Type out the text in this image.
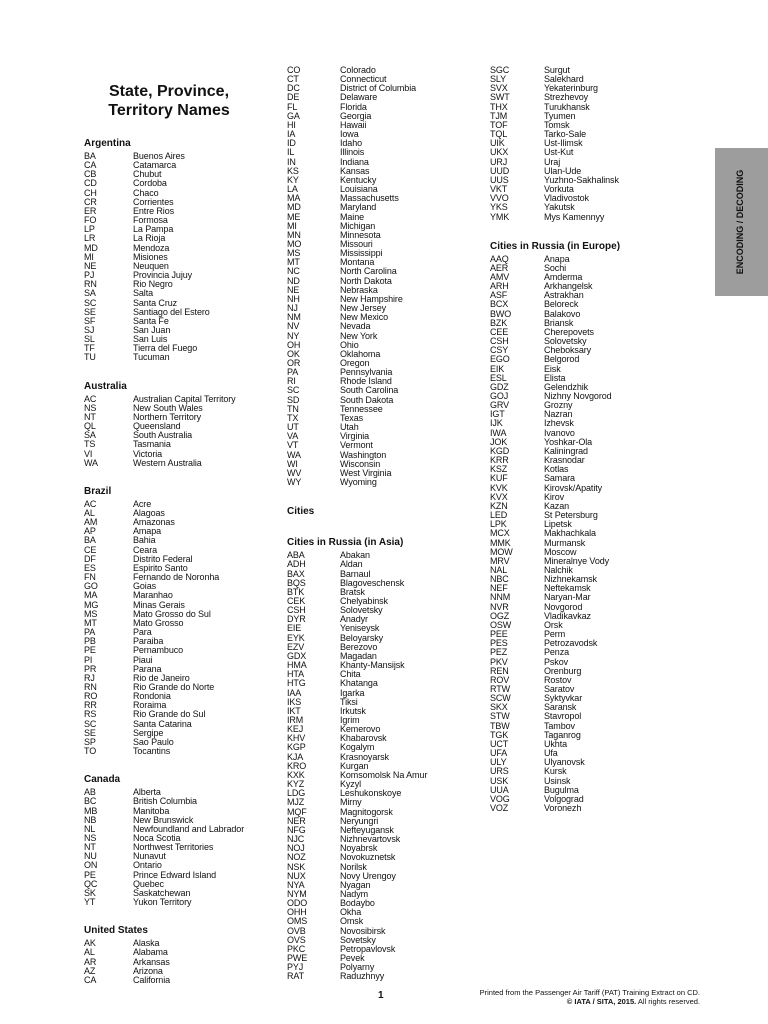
State, Province,
Territory Names
Argentina
BA	Buenos Aires
CA	Catamarca
CB	Chubut
CD	Cordoba
CH	Chaco
CR	Corrientes
ER	Entre Rios
FO	Formosa
LP	La Pampa
LR	La Rioja
MD	Mendoza
MI	Misiones
NE	Neuquen
PJ	Provincia Jujuy
RN	Rio Negro
SA	Salta
SC	Santa Cruz
SE	Santiago del Estero
SF	Santa Fe
SJ	San Juan
SL	San Luis
TF	Tierra del Fuego
TU	Tucuman
Australia
AC	Australian Capital Territory
NS	New South Wales
NT	Northern Territory
QL	Queensland
SA	South Australia
TS	Tasmania
VI	Victoria
WA	Western Australia
Brazil
AC	Acre
AL	Alagoas
AM	Amazonas
AP	Amapa
BA	Bahia
CE	Ceara
DF	Distrito Federal
ES	Espirito Santo
FN	Fernando de Noronha
GO	Goias
MA	Maranhao
MG	Minas Gerais
MS	Mato Grosso do Sul
MT	Mato Grosso
PA	Para
PB	Paraiba
PE	Pernambuco
PI	Piaui
PR	Parana
RJ	Rio de Janeiro
RN	Rio Grande do Norte
RO	Rondonia
RR	Roraima
RS	Rio Grande do Sul
SC	Santa Catarina
SE	Sergipe
SP	Sao Paulo
TO	Tocantins
Canada
AB	Alberta
BC	British Columbia
MB	Manitoba
NB	New Brunswick
NL	Newfoundland and Labrador
NS	Noca Scotia
NT	Northwest Territories
NU	Nunavut
ON	Ontario
PE	Prince Edward Island
QC	Quebec
SK	Saskatchewan
YT	Yukon Territory
United States
AK	Alaska
AL	Alabama
AR	Arkansas
AZ	Arizona
CA	California
CO	Colorado
CT	Connecticut
DC	District of Columbia
DE	Delaware
FL	Florida
GA	Georgia
HI	Hawaii
IA	Iowa
ID	Idaho
IL	Illinois
IN	Indiana
KS	Kansas
KY	Kentucky
LA	Louisiana
MA	Massachusetts
MD	Maryland
ME	Maine
MI	Michigan
MN	Minnesota
MO	Missouri
MS	Mississippi
MT	Montana
NC	North Carolina
ND	North Dakota
NE	Nebraska
NH	New Hampshire
NJ	New Jersey
NM	New Mexico
NV	Nevada
NY	New York
OH	Ohio
OK	Oklahoma
OR	Oregon
PA	Pennsylvania
RI	Rhode Island
SC	South Carolina
SD	South Dakota
TN	Tennessee
TX	Texas
UT	Utah
VA	Virginia
VT	Vermont
WA	Washington
WI	Wisconsin
WV	West Virginia
WY	Wyoming
Cities
Cities in Russia (in Asia)
ABA	Abakan
ADH	Aldan
BAX	Barnaul
BQS	Blagoveschensk
BTK	Bratsk
CEK	Chelyabinsk
CSH	Solovetsky
DYR	Anadyr
EIE	Yeniseysk
EYK	Beloyarsky
EZV	Berezovo
GDX	Magadan
HMA	Khanty-Mansijsk
HTA	Chita
HTG	Khatanga
IAA	Igarka
IKS	Tiksi
IKT	Irkutsk
IRM	Igrim
KEJ	Kemerovo
KHV	Khabarovsk
KGP	Kogalym
KJA	Krasnoyarsk
KRO	Kurgan
KXK	Komsomolsk Na Amur
KYZ	Kyzyl
LDG	Leshukonskoye
MJZ	Mirny
MQF	Magnitogorsk
NER	Neryungri
NFG	Nefteyugansk
NJC	Nizhnevartovsk
NOJ	Noyabrsk
NOZ	Novokuznetsk
NSK	Norilsk
NUX	Novy Urengoy
NYA	Nyagan
NYM	Nadym
ODO	Bodaybo
OHH	Okha
OMS	Omsk
OVB	Novosibirsk
OVS	Sovetsky
PKC	Petropavlovsk
PWE	Pevek
PYJ	Polyarny
RAT	Raduzhnyy
SGC	Surgut
SLY	Salekhard
SVX	Yekaterinburg
SWT	Strezhevoy
THX	Turukhansk
TJM	Tyumen
TOF	Tomsk
TQL	Tarko-Sale
UIK	Ust-Ilimsk
UKX	Ust-Kut
URJ	Uraj
UUD	Ulan-Ude
UUS	Yuzhno-Sakhalinsk
VKT	Vorkuta
VVO	Vladivostok
YKS	Yakutsk
YMK	Mys Kamennyy
Cities in Russia (in Europe)
AAQ	Anapa
AER	Sochi
AMV	Amderma
ARH	Arkhangelsk
ASF	Astrakhan
BCX	Beloreck
BWO	Balakovo
BZK	Briansk
CEE	Cherepovets
CSH	Solovetsky
CSY	Cheboksary
EGO	Belgorod
EIK	Eisk
ESL	Elista
GDZ	Gelendzhik
GOJ	Nizhny Novgorod
GRV	Grozny
IGT	Nazran
IJK	Izhevsk
IWA	Ivanovo
JOK	Yoshkar-Ola
KGD	Kaliningrad
KRR	Krasnodar
KSZ	Kotlas
KUF	Samara
KVK	Kirovsk/Apatity
KVX	Kirov
KZN	Kazan
LED	St Petersburg
LPK	Lipetsk
MCX	Makhachkala
MMK	Murmansk
MOW	Moscow
MRV	Mineralnye Vody
NAL	Nalchik
NBC	Nizhnekamsk
NEF	Neftekamsk
NNM	Naryan-Mar
NVR	Novgorod
OGZ	Vladikavkaz
OSW	Orsk
PEE	Perm
PES	Petrozavodsk
PEZ	Penza
PKV	Pskov
REN	Orenburg
ROV	Rostov
RTW	Saratov
SCW	Syktyvkar
SKX	Saransk
STW	Stavropol
TBW	Tambov
TGK	Taganrog
UCT	Ukhta
UFA	Ufa
ULY	Ulyanovsk
URS	Kursk
USK	Usinsk
UUA	Bugulma
VOG	Volgograd
VOZ	Voronezh
ENCODING / DECODING
1	Printed from the Passenger Air Tariff (PAT) Training Extract on CD.
© IATA / SITA, 2015. All rights reserved.
